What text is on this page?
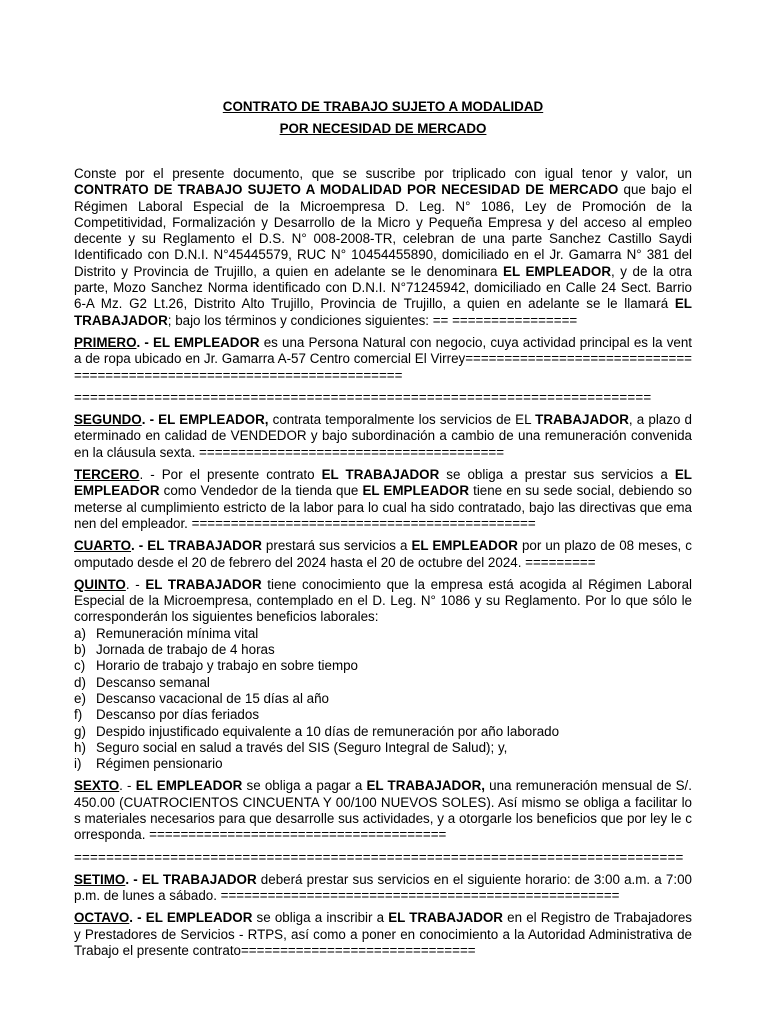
CONTRATO DE TRABAJO SUJETO A MODALIDAD

POR NECESIDAD DE MERCADO

Conste por el presente documento, que se suscribe por triplicado con igual tenor y valor, un CONTRATO DE TRABAJO SUJETO A MODALIDAD POR NECESIDAD DE MERCADO que bajo el Régimen Laboral Especial de la Microempresa D. Leg. N° 1086, Ley de Promoción de la Competitividad, Formalización y Desarrollo de la Micro y Pequeña Empresa y del acceso al empleo decente y su Reglamento el D.S. N° 008-2008-TR, celebran de una parte Sanchez Castillo Saydi Identificado con D.N.I. N°45445579, RUC N° 10454455890, domiciliado en el Jr. Gamarra N° 381 del Distrito y Provincia de Trujillo, a quien en adelante se le denominara EL EMPLEADOR, y de la otra parte, Mozo Sanchez Norma identificado con D.N.I. N°71245942, domiciliado en Calle 24 Sect. Barrio 6-A Mz. G2 Lt.26, Distrito Alto Trujillo, Provincia de Trujillo, a quien en adelante se le llamará EL TRABAJADOR; bajo los términos y condiciones siguientes: == ================

PRIMERO. - EL EMPLEADOR es una Persona Natural con negocio, cuya actividad principal es la venta de ropa ubicado en Jr. Gamarra A-57 Centro comercial El Virrey=======================================================================

========================================================================

SEGUNDO. - EL EMPLEADOR, contrata temporalmente los servicios de EL TRABAJADOR, a plazo determinado en calidad de VENDEDOR y bajo subordinación a cambio de una remuneración convenida en la cláusula sexta. =======================================

TERCERO. - Por el presente contrato EL TRABAJADOR se obliga a prestar sus servicios a EL EMPLEADOR como Vendedor de la tienda que EL EMPLEADOR tiene en su sede social, debiendo someterse al cumplimiento estricto de la labor para lo cual ha sido contratado, bajo las directivas que emanen del empleador. ============================================

CUARTO. - EL TRABAJADOR prestará sus servicios a EL EMPLEADOR por un plazo de 08 meses, computado desde el 20 de febrero del 2024 hasta el 20 de octubre del 2024. =========

QUINTO. - EL TRABAJADOR tiene conocimiento que la empresa está acogida al Régimen Laboral Especial de la Microempresa, contemplado en el D. Leg. N° 1086 y su Reglamento. Por lo que sólo le corresponderán los siguientes beneficios laborales:

a) Remuneración mínima vital
b) Jornada de trabajo de 4 horas
c) Horario de trabajo y trabajo en sobre tiempo
d) Descanso semanal
e) Descanso vacacional de 15 días al año
f)	Descanso por días feriados
g) Despido injustificado equivalente a 10 días de remuneración por año laborado
h) Seguro social en salud a través del SIS (Seguro Integral de Salud); y,
i)	Régimen pensionario

SEXTO. - EL EMPLEADOR se obliga a pagar a EL TRABAJADOR, una remuneración mensual de S/. 450.00 (CUATROCIENTOS CINCUENTA Y 00/100 NUEVOS SOLES). Así mismo se obliga a facilitar los materiales necesarios para que desarrolle sus actividades, y a otorgarle los beneficios que por ley le corresponda. ======================================

============================================================================

SETIMO. - EL TRABAJADOR deberá prestar sus servicios en el siguiente horario: de 3:00 a.m. a 7:00 p.m. de lunes a sábado. ===================================================

OCTAVO. - EL EMPLEADOR se obliga a inscribir a EL TRABAJADOR en el Registro de Trabajadores y Prestadores de Servicios - RTPS, así como a poner en conocimiento a la Autoridad Administrativa de Trabajo el presente contrato==============================
